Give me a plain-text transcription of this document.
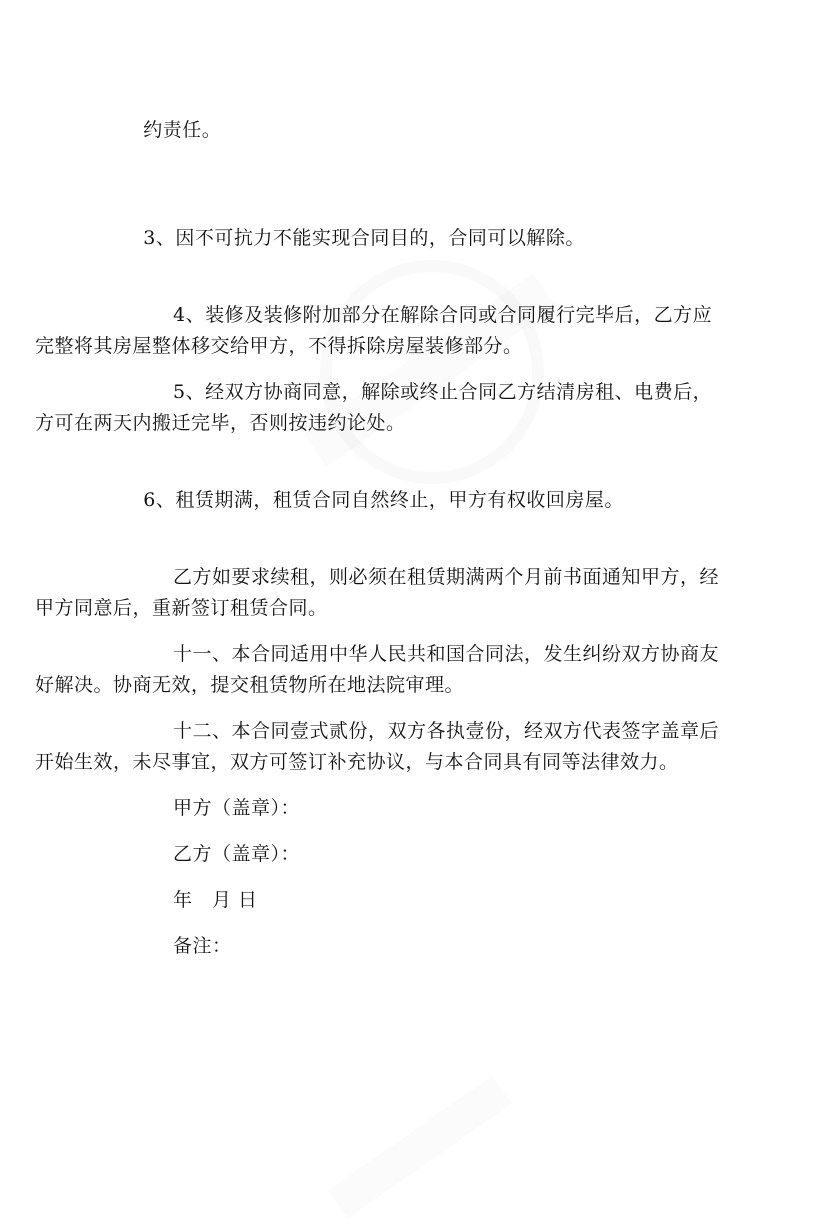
约责任。

3、因不可抗力不能实现合同目的，合同可以解除。

4、装修及装修附加部分在解除合同或合同履行完毕后，乙方应
完整将其房屋整体移交给甲方，不得拆除房屋装修部分。

5、经双方协商同意，解除或终止合同乙方结清房租、电费后，
方可在两天内搬迁完毕，否则按违约论处。

6、租赁期满，租赁合同自然终止，甲方有权收回房屋。

乙方如要求续租，则必须在租赁期满两个月前书面通知甲方，经
甲方同意后，重新签订租赁合同。

十一、本合同适用中华人民共和国合同法，发生纠纷双方协商友
好解决。协商无效，提交租赁物所在地法院审理。

十二、本合同壹式贰份，双方各执壹份，经双方代表签字盖章后
开始生效，未尽事宜，双方可签订补充协议，与本合同具有同等法律效力。

甲方（盖章）：

乙方（盖章）：

年　月 日

备注：
